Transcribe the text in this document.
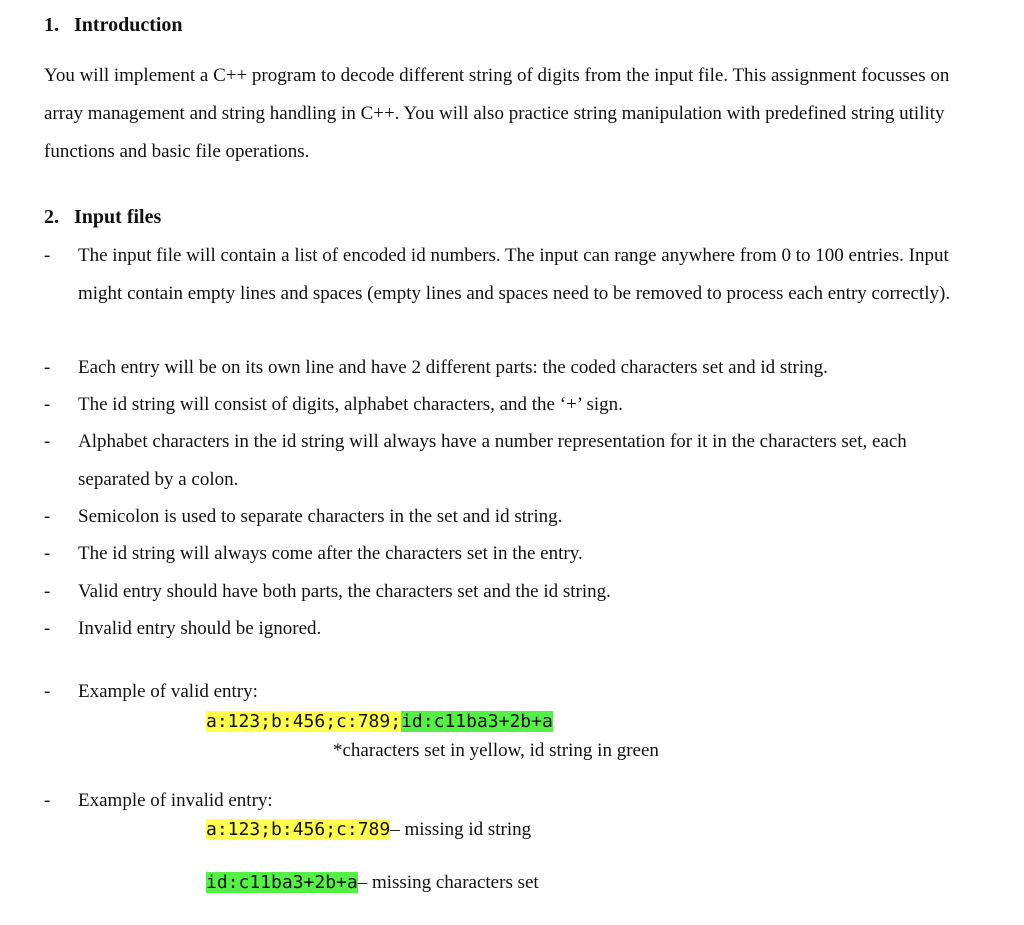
1. Introduction

You will implement a C++ program to decode different string of digits from the input file. This assignment focusses on array management and string handling in C++. You will also practice string manipulation with predefined string utility functions and basic file operations.

2. Input files
- The input file will contain a list of encoded id numbers. The input can range anywhere from 0 to 100 entries. Input might contain empty lines and spaces (empty lines and spaces need to be removed to process each entry correctly).
- Each entry will be on its own line and have 2 different parts: the coded characters set and id string.
- The id string will consist of digits, alphabet characters, and the ‘+’ sign.
- Alphabet characters in the id string will always have a number representation for it in the characters set, each separated by a colon.
- Semicolon is used to separate characters in the set and id string.
- The id string will always come after the characters set in the entry.
- Valid entry should have both parts, the characters set and the id string.
- Invalid entry should be ignored.
- Example of valid entry:
a:123;b:456;c:789;id:c11ba3+2b+a
*characters set in yellow, id string in green
- Example of invalid entry:
a:123;b:456;c:789– missing id string
id:c11ba3+2b+a– missing characters set
